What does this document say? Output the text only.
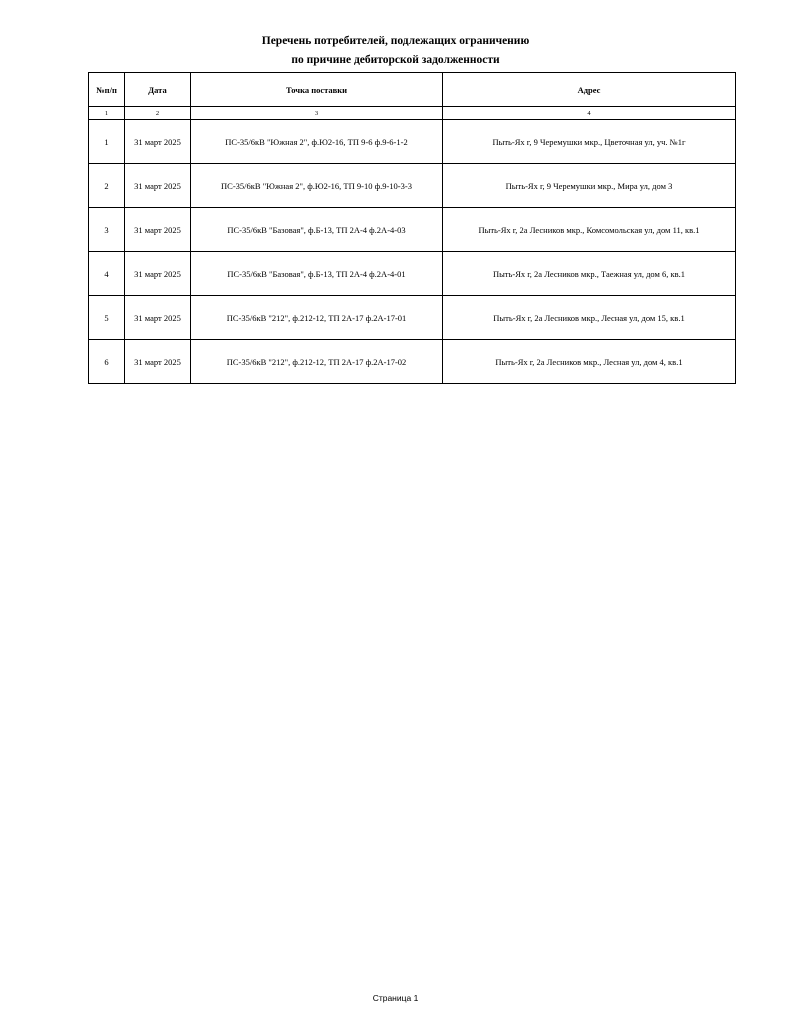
Перечень потребителей, подлежащих ограничению
по причине дебиторской задолженности
№п/п	Дата	Точка поставки	Адрес
1	2	3	4
1	31 март 2025	ПС-35/6кВ "Южная 2", ф.Ю2-16, ТП 9-6 ф.9-6-1-2	Пыть-Ях г, 9 Черемушки мкр., Цветочная ул, уч. №1г
2	31 март 2025	ПС-35/6кВ "Южная 2", ф.Ю2-16, ТП 9-10 ф.9-10-3-3	Пыть-Ях г, 9 Черемушки мкр., Мира ул, дом 3
3	31 март 2025	ПС-35/6кВ "Базовая", ф.Б-13, ТП 2А-4 ф.2А-4-03	Пыть-Ях г, 2а Лесников мкр., Комсомольская ул, дом 11, кв.1
4	31 март 2025	ПС-35/6кВ "Базовая", ф.Б-13, ТП 2А-4 ф.2А-4-01	Пыть-Ях г, 2а Лесников мкр., Таежная ул, дом 6, кв.1
5	31 март 2025	ПС-35/6кВ "212", ф.212-12, ТП 2А-17 ф.2А-17-01	Пыть-Ях г, 2а Лесников мкр., Лесная ул, дом 15, кв.1
6	31 март 2025	ПС-35/6кВ "212", ф.212-12, ТП 2А-17 ф.2А-17-02	Пыть-Ях г, 2а Лесников мкр., Лесная ул, дом 4, кв.1
Страница 1
